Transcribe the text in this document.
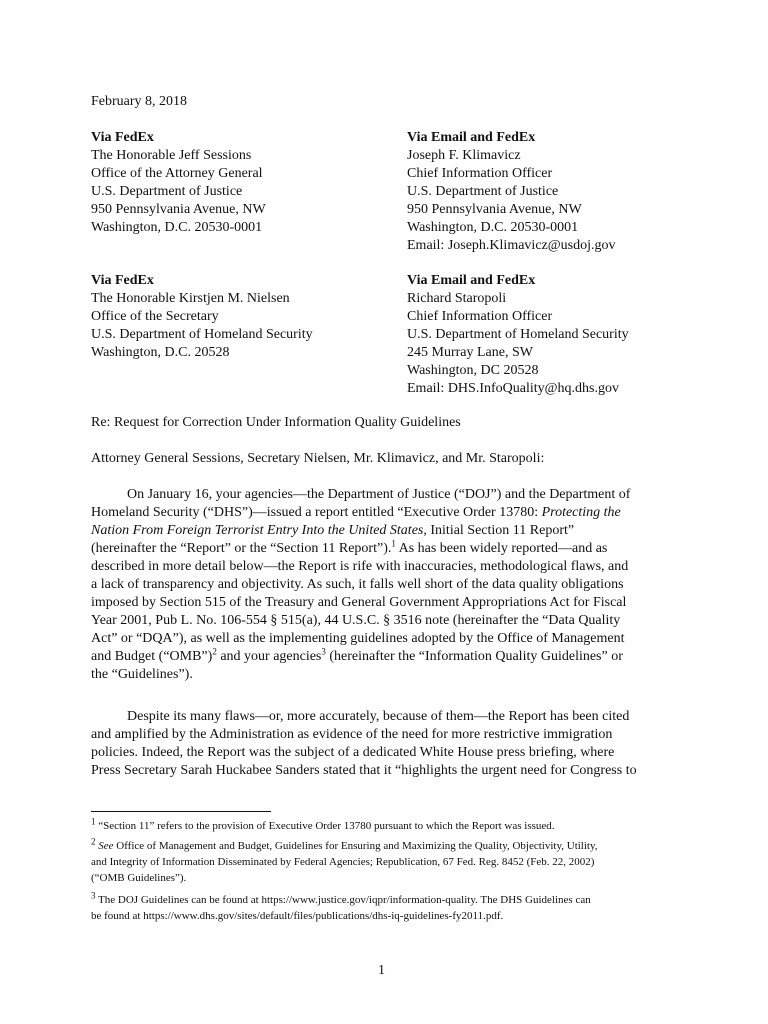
February 8, 2018
Via FedEx
The Honorable Jeff Sessions
Office of the Attorney General
U.S. Department of Justice
950 Pennsylvania Avenue, NW
Washington, D.C. 20530-0001
Via Email and FedEx
Joseph F. Klimavicz
Chief Information Officer
U.S. Department of Justice
950 Pennsylvania Avenue, NW
Washington, D.C. 20530-0001
Email: Joseph.Klimavicz@usdoj.gov
Via FedEx
The Honorable Kirstjen M. Nielsen
Office of the Secretary
U.S. Department of Homeland Security
Washington, D.C. 20528
Via Email and FedEx
Richard Staropoli
Chief Information Officer
U.S. Department of Homeland Security
245 Murray Lane, SW
Washington, DC 20528
Email: DHS.InfoQuality@hq.dhs.gov
Re: Request for Correction Under Information Quality Guidelines
Attorney General Sessions, Secretary Nielsen, Mr. Klimavicz, and Mr. Staropoli:
On January 16, your agencies—the Department of Justice (“DOJ”) and the Department of
Homeland Security (“DHS”)—issued a report entitled “Executive Order 13780: Protecting the
Nation From Foreign Terrorist Entry Into the United States, Initial Section 11 Report”
(hereinafter the “Report” or the “Section 11 Report”).$^1$ As has been widely reported—and as
described in more detail below—the Report is rife with inaccuracies, methodological flaws, and
a lack of transparency and objectivity. As such, it falls well short of the data quality obligations
imposed by Section 515 of the Treasury and General Government Appropriations Act for Fiscal
Year 2001, Pub L. No. 106-554 § 515(a), 44 U.S.C. § 3516 note (hereinafter the “Data Quality
Act” or “DQA”), as well as the implementing guidelines adopted by the Office of Management
and Budget (“OMB”)$^2$ and your agencies$^3$ (hereinafter the “Information Quality Guidelines” or
the “Guidelines”).
Despite its many flaws—or, more accurately, because of them—the Report has been cited
and amplified by the Administration as evidence of the need for more restrictive immigration
policies. Indeed, the Report was the subject of a dedicated White House press briefing, where
Press Secretary Sarah Huckabee Sanders stated that it “highlights the urgent need for Congress to
$^1$ “Section 11” refers to the provision of Executive Order 13780 pursuant to which the Report was issued.
$^2$ See Office of Management and Budget, Guidelines for Ensuring and Maximizing the Quality, Objectivity, Utility,
and Integrity of Information Disseminated by Federal Agencies; Republication, 67 Fed. Reg. 8452 (Feb. 22, 2002)
(“OMB Guidelines”).
$^3$ The DOJ Guidelines can be found at https://www.justice.gov/iqpr/information-quality. The DHS Guidelines can
be found at https://www.dhs.gov/sites/default/files/publications/dhs-iq-guidelines-fy2011.pdf.
1
